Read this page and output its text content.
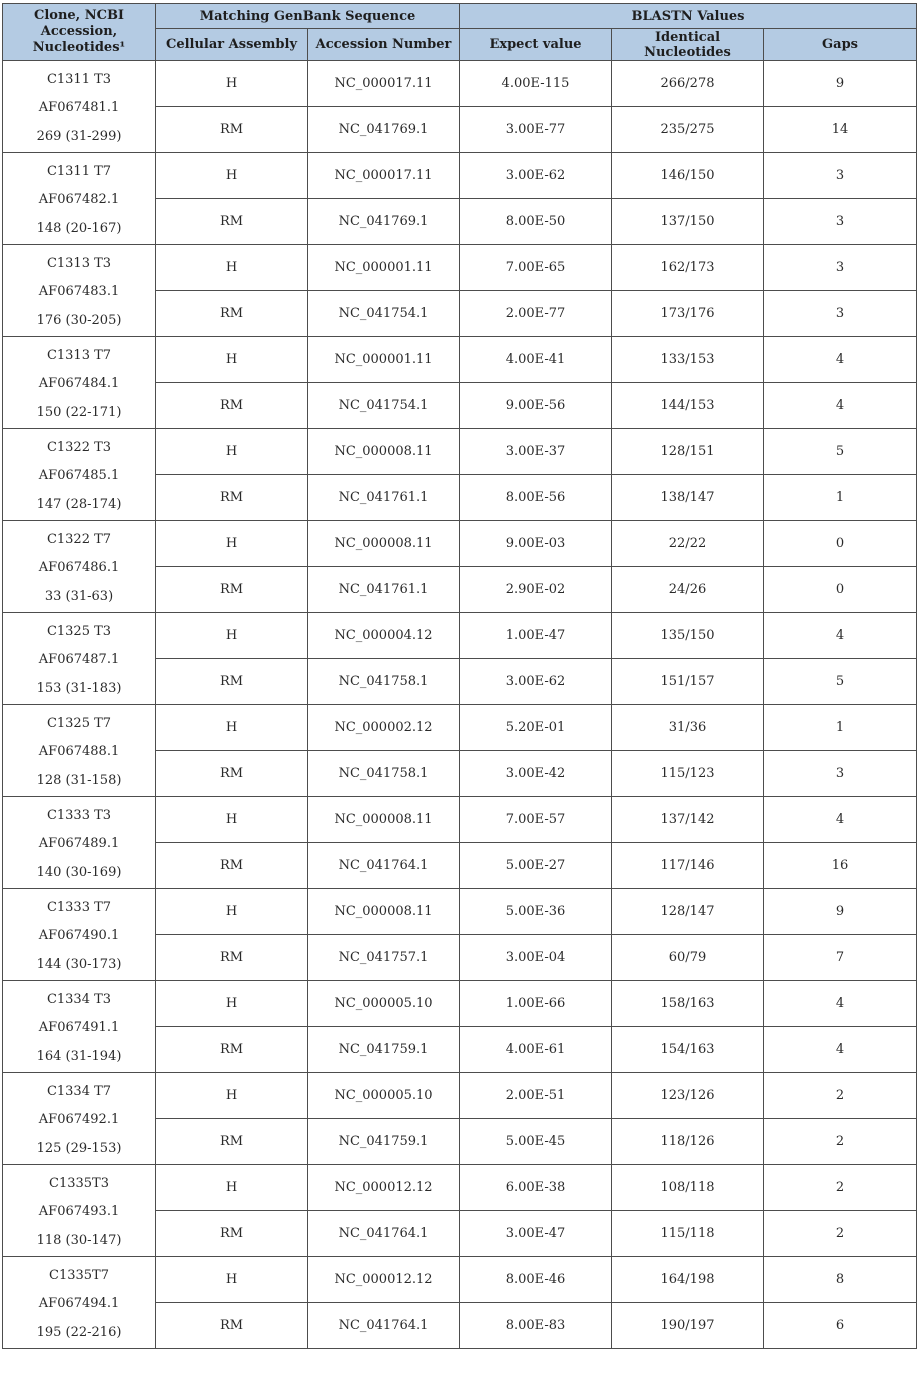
Clone, NCBI Accession, Nucleotides¹	Matching GenBank Sequence		BLASTN Values		
	Cellular Assembly	Accession Number	Expect value	Identical Nucleotides	Gaps

C1311 T3
AF067481.1
269 (31-299)	H	NC_000017.11	4.00E-115	266/278	9
	RM	NC_041769.1	3.00E-77	235/275	14

C1311 T7
AF067482.1
148 (20-167)	H	NC_000017.11	3.00E-62	146/150	3
	RM	NC_041769.1	8.00E-50	137/150	3

C1313 T3
AF067483.1
176 (30-205)	H	NC_000001.11	7.00E-65	162/173	3
	RM	NC_041754.1	2.00E-77	173/176	3

C1313 T7
AF067484.1
150 (22-171)	H	NC_000001.11	4.00E-41	133/153	4
	RM	NC_041754.1	9.00E-56	144/153	4

C1322 T3
AF067485.1
147 (28-174)	H	NC_000008.11	3.00E-37	128/151	5
	RM	NC_041761.1	8.00E-56	138/147	1

C1322 T7
AF067486.1
33 (31-63)	H	NC_000008.11	9.00E-03	22/22	0
	RM	NC_041761.1	2.90E-02	24/26	0

C1325 T3
AF067487.1
153 (31-183)	H	NC_000004.12	1.00E-47	135/150	4
	RM	NC_041758.1	3.00E-62	151/157	5

C1325 T7
AF067488.1
128 (31-158)	H	NC_000002.12	5.20E-01	31/36	1
	RM	NC_041758.1	3.00E-42	115/123	3

C1333 T3
AF067489.1
140 (30-169)	H	NC_000008.11	7.00E-57	137/142	4
	RM	NC_041764.1	5.00E-27	117/146	16

C1333 T7
AF067490.1
144 (30-173)	H	NC_000008.11	5.00E-36	128/147	9
	RM	NC_041757.1	3.00E-04	60/79	7

C1334 T3
AF067491.1
164 (31-194)	H	NC_000005.10	1.00E-66	158/163	4
	RM	NC_041759.1	4.00E-61	154/163	4

C1334 T7
AF067492.1
125 (29-153)	H	NC_000005.10	2.00E-51	123/126	2
	RM	NC_041759.1	5.00E-45	118/126	2

C1335T3
AF067493.1
118 (30-147)	H	NC_000012.12	6.00E-38	108/118	2
	RM	NC_041764.1	3.00E-47	115/118	2

C1335T7
AF067494.1
195 (22-216)	H	NC_000012.12	8.00E-46	164/198	8
	RM	NC_041764.1	8.00E-83	190/197	6
